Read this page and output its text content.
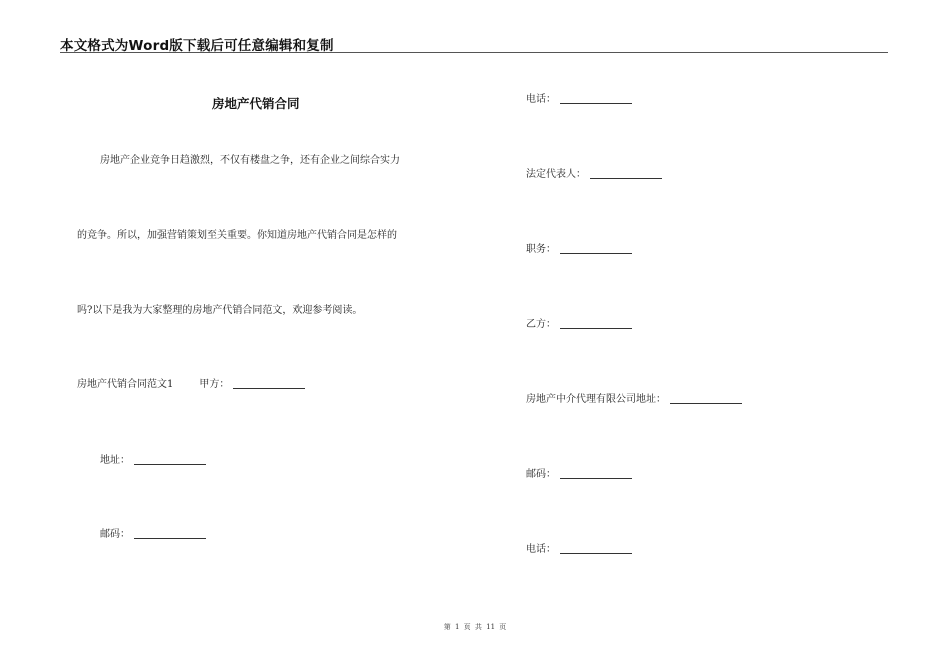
本文格式为Word版下载后可任意编辑和复制
房地产代销合同
房地产企业竞争日趋激烈，不仅有楼盘之争，还有企业之间综合实力
的竞争。所以，加强营销策划至关重要。你知道房地产代销合同是怎样的
吗?以下是我为大家整理的房地产代销合同范文，欢迎参考阅读。
房地产代销合同范文1	甲方：
地址：
邮码：
电话：
法定代表人：
职务：
乙方：
房地产中介代理有限公司地址：
邮码：
电话：
第 1 页 共 11 页
